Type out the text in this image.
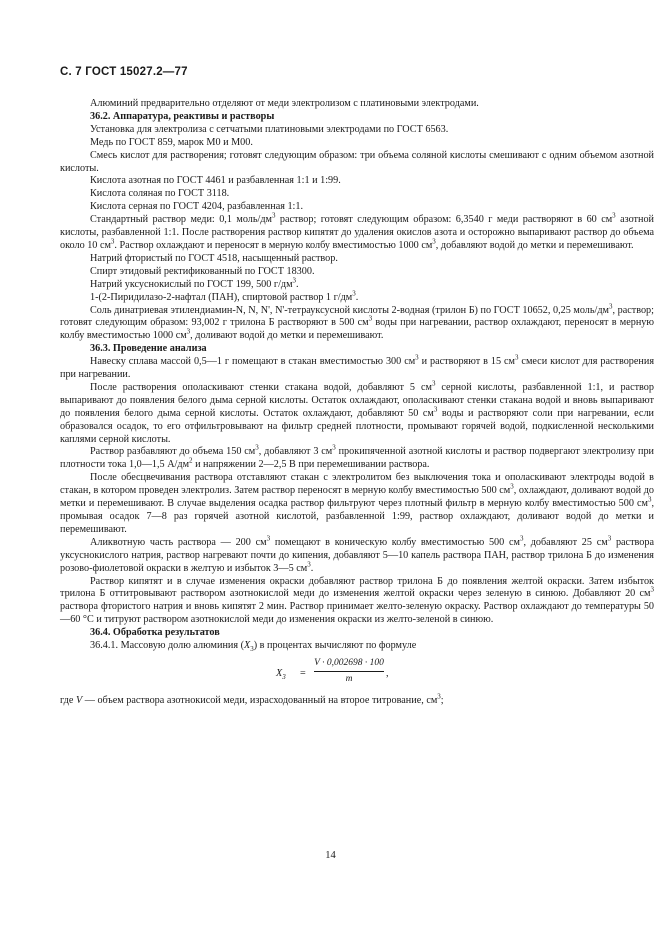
С. 7 ГОСТ 15027.2—77

Алюминий предварительно отделяют от меди электролизом с платиновыми электродами.

36.2. Аппаратура, реактивы и растворы

Установка для электролиза с сетчатыми платиновыми электродами по ГОСТ 6563.

Медь по ГОСТ 859, марок М0 и М00.

Смесь кислот для растворения; готовят следующим образом: три объема соляной кислоты смешивают с одним объемом азотной кислоты.

Кислота азотная по ГОСТ 4461 и разбавленная 1:1 и 1:99.

Кислота соляная по ГОСТ 3118.

Кислота серная по ГОСТ 4204, разбавленная 1:1.

Стандартный раствор меди: 0,1 моль/$дм^3$ раствор; готовят следующим образом: 6,3540 г меди растворяют в 60 $см^3$ азотной кислоты, разбавленной 1:1. После растворения раствор кипятят до удаления окислов азота и осторожно выпаривают раствор до объема около 10 $см^3$. Раствор охлаждают и переносят в мерную колбу вместимостью 1000 $см^3$, добавляют водой до метки и перемешивают.

Натрий фтористый по ГОСТ 4518, насыщенный раствор.

Спирт этидовый ректификованный по ГОСТ 18300.

Натрий уксуснокислый по ГОСТ 199, 500 $г/дм^3$.

1-(2-Пиридилазо-2-нафтал (ПАН), спиртовой раствор 1 $г/дм^3$.

Соль динатриевая этилендиамин-N, N, N', N'-тетрауксусной кислоты 2-водная (трилон Б) по ГОСТ 10652, 0,25 моль/$дм^3$, раствор; готовят следующим образом: 93,002 г трилона Б растворяют в 500 $см^3$ воды при нагревании, раствор охлаждают, переносят в мерную колбу вместимостью 1000 $см^3$, доливают водой до метки и перемешивают.

36.3. Проведение анализа

Навеску сплава массой 0,5—1 г помещают в стакан вместимостью 300 $см^3$ и растворяют в 15 $см^3$ смеси кислот для растворения при нагревании.

После растворения ополаскивают стенки стакана водой, добавляют 5 $см^3$ серной кислоты, разбавленной 1:1, и раствор выпаривают до появления белого дыма серной кислоты. Остаток охлаждают, ополаскивают стенки стакана водой и вновь выпаривают до появления белого дыма серной кислоты. Остаток охлаждают, добавляют 50 $см^3$ воды и растворяют соли при нагревании, если образовался осадок, то его отфильтровывают на фильтр средней плотности, промывают горячей водой, подкисленной несколькими каплями серной кислоты.

Раствор разбавляют до объема 150 $см^3$, добавляют 3 $см^3$ прокипяченной азотной кислоты и раствор подвергают электролизу при плотности тока 1,0—1,5 $А/дм^2$ и напряжении 2—2,5 В при перемешивании раствора.

После обесцвечивания раствора отставляют стакан с электролитом без выключения тока и ополаскивают электроды водой в стакан, в котором проведен электролиз. Затем раствор переносят в мерную колбу вместимостью 500 $см^3$, охлаждают, доливают водой до метки и перемешивают. В случае выделения осадка раствор фильтруют через плотный фильтр в мерную колбу вместимостью 500 $см^3$, промывая осадок 7—8 раз горячей азотной кислотой, разбавленной 1:99, раствор охлаждают, доливают водой до метки и перемешивают.

Аликвотную часть раствора — 200 $см^3$ помещают в коническую колбу вместимостью 500 $см^3$, добавляют 25 $см^3$ раствора уксуснокислого натрия, раствор нагревают почти до кипения, добавляют 5—10 капель раствора ПАН, раствор трилона Б до изменения розово-фиолетовой окраски в желтую и избыток 3—5 $см^3$.

Раствор кипятят и в случае изменения окраски добавляют раствор трилона Б до появления желтой окраски. Затем избыток трилона Б оттитровывают раствором азотнокислой меди до изменения желтой окраски через зеленую в синюю. Добавляют 20 $см^3$ раствора фтористого натрия и вновь кипятят 2 мин. Раствор принимает желто-зеленую окраску. Раствор охлаждают до температуры 50—60 °С и титруют раствором азотнокислой меди до изменения окраски из желто-зеленой в синюю.

36.4. Обработка результатов

36.4.1. Массовую долю алюминия $(X_3)$ в процентах вычисляют по формуле

$X_3 = \frac{V \cdot 0,002698 \cdot 100}{m}$ ,

где V — объем раствора азотнокисой меди, израсходованный на второе титрование, $см^3$;

14
